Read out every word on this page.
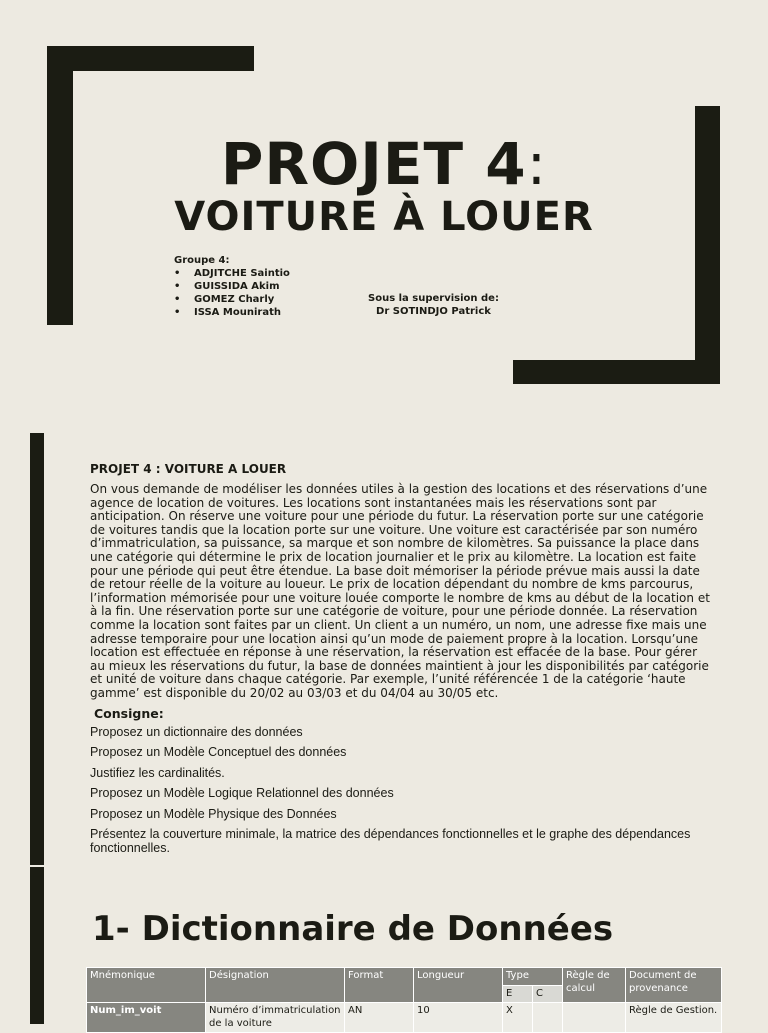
PROJET 4:
VOITURE À LOUER
Groupe 4:
• ADJITCHE Saintio
• GUISSIDA Akim
• GOMEZ Charly
• ISSA Mounirath
Sous la supervision de:
Dr SOTINDJO Patrick
PROJET 4 : VOITURE A LOUER

On vous demande de modéliser les données utiles à la gestion des locations et des réservations d’une agence de location de voitures. Les locations sont instantanées mais les réservations sont par anticipation. On réserve une voiture pour une période du futur. La réservation porte sur une catégorie de voitures tandis que la location porte sur une voiture. Une voiture est caractérisée par son numéro d’immatriculation, sa puissance, sa marque et son nombre de kilomètres. Sa puissance la place dans une catégorie qui détermine le prix de location journalier et le prix au kilomètre. La location est faite pour une période qui peut être étendue. La base doit mémoriser la période prévue mais aussi la date de retour réelle de la voiture au loueur. Le prix de location dépendant du nombre de kms parcourus, l’information mémorisée pour une voiture louée comporte le nombre de kms au début de la location et à la fin. Une réservation porte sur une catégorie de voiture, pour une période donnée. La réservation comme la location sont faites par un client. Un client a un numéro, un nom, une adresse fixe mais une adresse temporaire pour une location ainsi qu’un mode de paiement propre à la location. Lorsqu’une location est effectuée en réponse à une réservation, la réservation est effacée de la base. Pour gérer au mieux les réservations du futur, la base de données maintient à jour les disponibilités par catégorie et unité de voiture dans chaque catégorie. Par exemple, l’unité référencée 1 de la catégorie ‘haute gamme’ est disponible du 20/02 au 03/03 et du 04/04 au 30/05 etc.

Consigne:
Proposez un dictionnaire des données
Proposez un Modèle Conceptuel des données
Justifiez les cardinalités.
Proposez un Modèle Logique Relationnel des données
Proposez un Modèle Physique des Données
Présentez la couverture minimale, la matrice des dépendances fonctionnelles et le graphe des dépendances fonctionnelles.
1- Dictionnaire de Données
Mnémonique	Désignation	Format	Longueur	Type		Règle de calcul	Document de provenance
				E	C		
Num_im_voit	Numéro d’immatriculation de la voiture	AN	10	X			Règle de Gestion.
